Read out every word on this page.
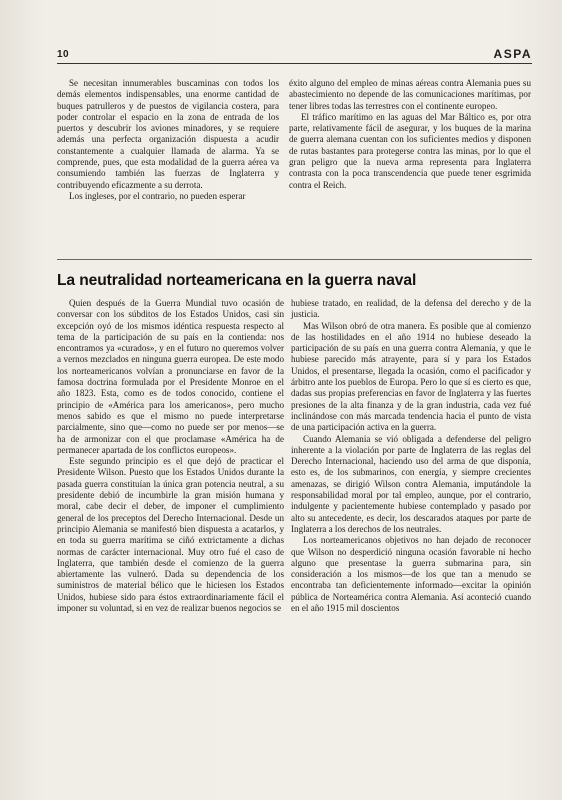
10	ASPA

Se necesitan innumerables buscaminas con todos los demás elementos indispensables, una enorme cantidad de buques patrulleros y de puestos de vigilancia costera, para poder controlar el espacio en la zona de entrada de los puertos y descubrir los aviones minadores, y se requiere además una perfecta organización dispuesta a acudir constantemente a cualquier llamada de alarma. Ya se comprende, pues, que esta modalidad de la guerra aérea va consumiendo también las fuerzas de Inglaterra y contribuyendo eficazmente a su derrota.

Los ingleses, por el contrario, no pueden esperar

éxito alguno del empleo de minas aéreas contra Alemania pues su abastecimiento no depende de las comunicaciones marítimas, por tener libres todas las terrestres con el continente europeo.

El tráfico marítimo en las aguas del Mar Báltico es, por otra parte, relativamente fácil de asegurar, y los buques de la marina de guerra alemana cuentan con los suficientes medios y disponen de rutas bastantes para protegerse contra las minas, por lo que el gran peligro que la nueva arma representa para Inglaterra contrasta con la poca transcendencia que puede tener esgrimida contra el Reich.

La neutralidad norteamericana en la guerra naval

Quien después de la Guerra Mundial tuvo ocasión de conversar con los súbditos de los Estados Unidos, casi sin excepción oyó de los mismos idéntica respuesta respecto al tema de la participación de su país en la contienda: nos encontramos ya «curados», y en el futuro no queremos volver a vernos mezclados en ninguna guerra europea. De este modo los norteamericanos volvían a pronunciarse en favor de la famosa doctrina formulada por el Presidente Monroe en el año 1823. Esta, como es de todos conocido, contiene el principio de «América para los americanos», pero mucho menos sabido es que el mismo no puede interpretarse parcialmente, sino que—como no puede ser por menos—se ha de armonizar con el que proclamase «América ha de permanecer apartada de los conflictos europeos».

Este segundo principio es el que dejó de practicar el Presidente Wilson. Puesto que los Estados Unidos durante la pasada guerra constituían la única gran potencia neutral, a su presidente debió de incumbirle la gran misión humana y moral, cabe decir el deber, de imponer el cumplimiento general de los preceptos del Derecho Internacional. Desde un principio Alemania se manifestó bien dispuesta a acatarlos, y en toda su guerra marítima se ciñó extrictamente a dichas normas de carácter internacional. Muy otro fué el caso de Inglaterra, que también desde el comienzo de la guerra abiertamente las vulneró. Dada su dependencia de los suministros de material bélico que le hiciesen los Estados Unidos, hubiese sido para éstos extraordinariamente fácil el imponer su voluntad, si en vez de realizar buenos negocios se

hubiese tratado, en realidad, de la defensa del derecho y de la justicia.

Mas Wilson obró de otra manera. Es posible que al comienzo de las hostilidades en el año 1914 no hubiese deseado la participación de su país en una guerra contra Alemania, y que le hubiese parecido más atrayente, para sí y para los Estados Unidos, el presentarse, llegada la ocasión, como el pacificador y árbitro ante los pueblos de Europa. Pero lo que sí es cierto es que, dadas sus propias preferencias en favor de Inglaterra y las fuertes presiones de la alta finanza y de la gran industria, cada vez fué inclinándose con más marcada tendencia hacia el punto de vista de una participación activa en la guerra.

Cuando Alemania se vió obligada a defenderse del peligro inherente a la violación por parte de Inglaterra de las reglas del Derecho Internacional, haciendo uso del arma de que disponía, esto es, de los submarinos, con energía, y siempre crecientes amenazas, se dirigió Wilson contra Alemania, imputándole la responsabilidad moral por tal empleo, aunque, por el contrario, indulgente y pacientemente hubiese contemplado y pasado por alto su antecedente, es decir, los descarados ataques por parte de Inglaterra a los derechos de los neutrales.

Los norteamericanos objetivos no han dejado de reconocer que Wilson no desperdició ninguna ocasión favorable ni hecho alguno que presentase la guerra submarina para, sin consideración a los mismos—de los que tan a menudo se encontraba tan deficientemente informado—excitar la opinión pública de Norteamérica contra Alemania. Así aconteció cuando en el año 1915 mil doscientos
